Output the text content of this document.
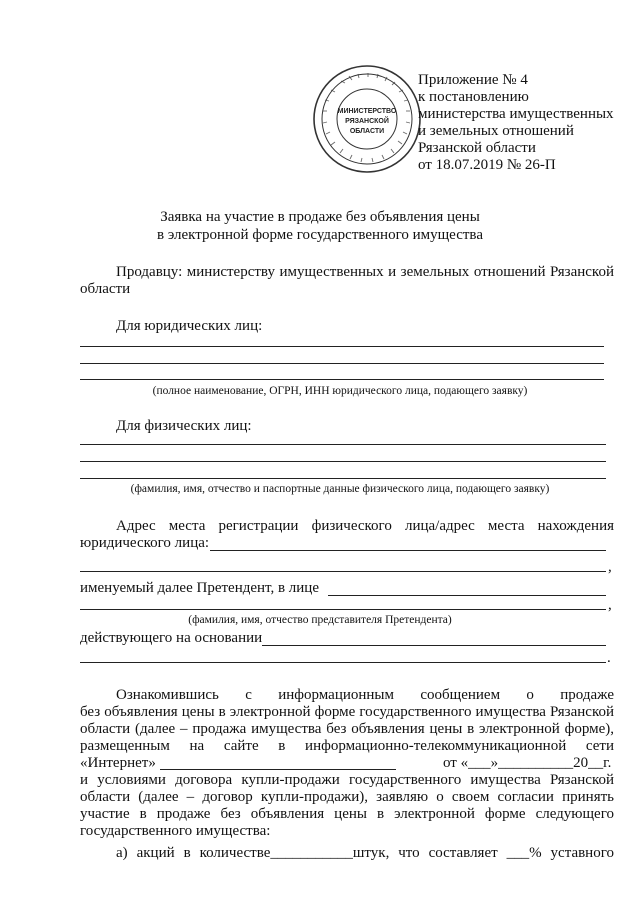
МИНИСТЕРСТВО
РЯЗАНСКОЙ
ОБЛАСТИ
Приложение № 4
к постановлению
министерства имущественных
и земельных отношений
Рязанской области
от 18.07.2019 № 26-П
Заявка на участие в продаже без объявления цены
в электронной форме государственного имущества
Продавцу: министерству имущественных и земельных отношений Рязанской
области
Для юридических лиц:
(полное наименование, ОГРН, ИНН юридического лица, подающего заявку)
Для физических лиц:
(фамилия, имя, отчество и паспортные данные физического лица, подающего заявку)
Адрес места регистрации физического лица/адрес места нахождения
юридического лица:
,
именуемый далее Претендент, в лице
,
(фамилия, имя, отчество представителя Претендента)
действующего на основании
.
Ознакомившись с информационным сообщением о продаже
без объявления цены в электронной форме государственного имущества Рязанской
области (далее – продажа имущества без объявления цены в электронной форме),
размещенным на сайте в информационно-телекоммуникационной сети
«Интернет»	от «___»__________20__г.
и условиями договора купли-продажи государственного имущества Рязанской
области (далее – договор купли-продажи), заявляю о своем согласии принять
участие в продаже без объявления цены в электронной форме следующего
государственного имущества:
а) акций в количестве___________штук, что составляет ___% уставного
